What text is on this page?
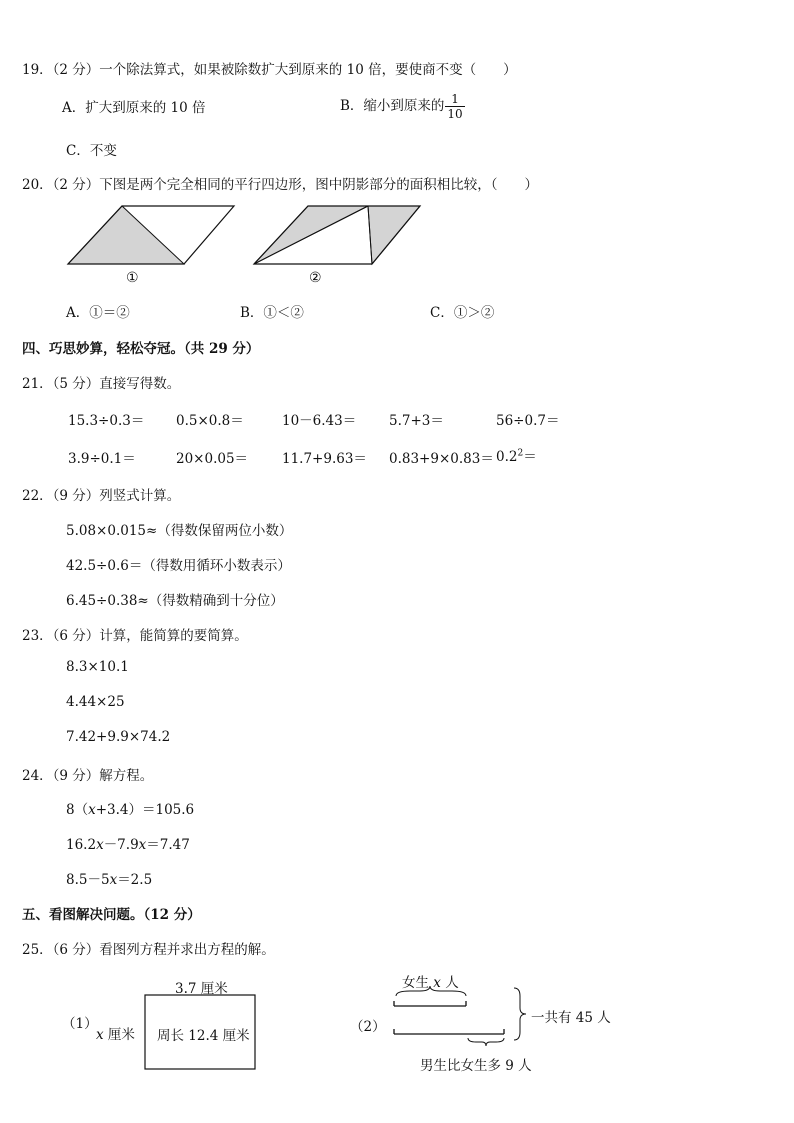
19．（2 分）一个除法算式，如果被除数扩大到原来的 10 倍，要使商不变（　　）
A．扩大到原来的 10 倍	B．缩小到原来的 $\frac{1}{10}$
C．不变
20．（2 分）下图是两个完全相同的平行四边形，图中阴影部分的面积相比较，（　　）
①	②
A．①＝②	B．①＜②	C．①＞②
四、巧思妙算，轻松夺冠。（共 29 分）
21．（5 分）直接写得数。
15.3÷0.3＝ 0.5×0.8＝	10－6.43＝ 5.7+3＝	56÷0.7＝
3.9÷0.1＝	20×0.05＝	$11.7+9.63= 0.83+9\times 0.83= 0.2^2=$
22．（9 分）列竖式计算。
5.08×0.015≈（得数保留两位小数）
42.5÷0.6＝（得数用循环小数表示）
6.45÷0.38≈（得数精确到十分位）
23．（6 分）计算，能简算的要简算。
8.3×10.1
4.44×25
7.42+9.9×74.2
24．（9 分）解方程。
8（x+3.4）＝105.6
16.2x－7.9x＝7.47
8.5－5x＝2.5
五、看图解决问题。（12 分）
25．（6 分）看图列方程并求出方程的解。
（1）
3.7 厘米
x 厘米 周长 12.4 厘米
（2）
女生 x 人
一共有 45 人
男生比女生多 9 人
